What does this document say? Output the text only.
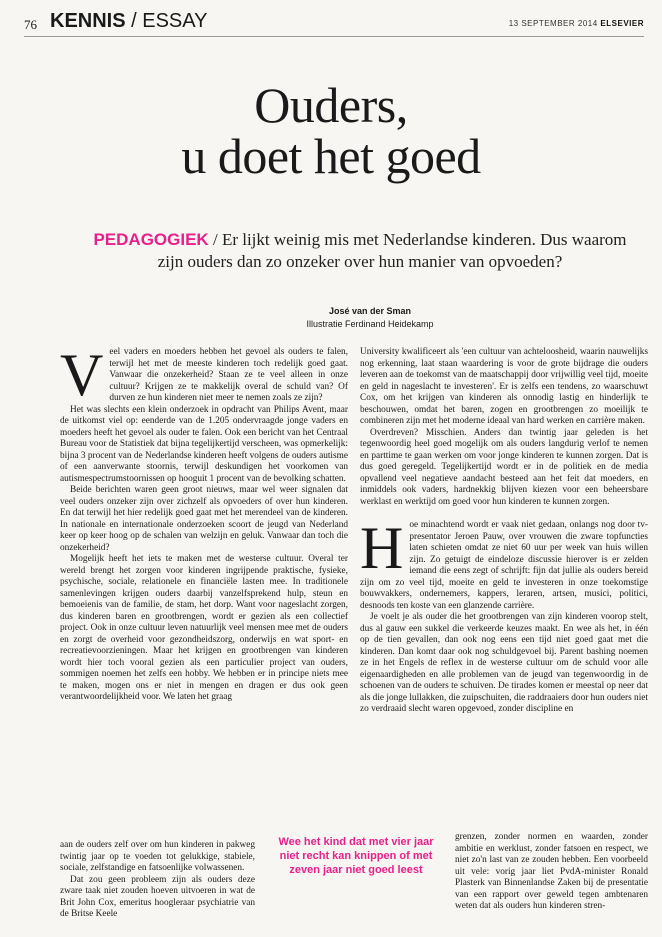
76 KENNIS / ESSAY	13 SEPTEMBER 2014 ELSEVIER
Ouders,
u doet het goed
PEDAGOGIEK / Er lijkt weinig mis met Nederlandse kinderen. Dus waarom zijn ouders dan zo onzeker over hun manier van opvoeden?
José van der Sman
Illustratie Ferdinand Heidekamp

Veel vaders en moeders hebben het gevoel als ouders te falen, terwijl het met de meeste kinderen toch redelijk goed gaat. Vanwaar die onzekerheid? Staan ze te veel alleen in onze cultuur? Krijgen ze te makkelijk overal de schuld van? Of durven ze hun kinderen niet meer te nemen zoals ze zijn?

Het was slechts een klein onderzoek in opdracht van Philips Avent, maar de uitkomst viel op: eenderde van de 1.205 ondervraagde jonge vaders en moeders heeft het gevoel als ouder te falen. Ook een bericht van het Centraal Bureau voor de Statistiek dat bijna tegelijkertijd verscheen, was opmerkelijk: bijna 3 procent van de Nederlandse kinderen heeft volgens de ouders autisme of een aanverwante stoornis, terwijl deskundigen het voorkomen van autismespectrumstoornissen op hooguit 1 procent van de bevolking schatten.

Beide berichten waren geen groot nieuws, maar wel weer signalen dat veel ouders onzeker zijn over zichzelf als opvoeders of over hun kinderen. En dat terwijl het hier redelijk goed gaat met het merendeel van de kinderen. In nationale en internationale onderzoeken scoort de jeugd van Nederland keer op keer hoog op de schalen van welzijn en geluk. Vanwaar dan toch die onzekerheid?

Mogelijk heeft het iets te maken met de westerse cultuur. Overal ter wereld brengt het zorgen voor kinderen ingrijpende praktische, fysieke, psychische, sociale, relationele en financiële lasten mee. In traditionele samenlevingen krijgen ouders daarbij vanzelfsprekend hulp, steun en bemoeienis van de familie, de stam, het dorp. Want voor nageslacht zorgen, dus kinderen baren en grootbrengen, wordt er gezien als een collectief project. Ook in onze cultuur leven natuurlijk veel mensen mee met de ouders en zorgt de overheid voor gezondheidszorg, onderwijs en wat sport- en recreatievoorzieningen. Maar het krijgen en grootbrengen van kinderen wordt hier toch vooral gezien als een particulier project van ouders, sommigen noemen het zelfs een hobby. We hebben er in principe niets mee te maken, mogen ons er niet in mengen en dragen er dus ook geen verantwoordelijkheid voor. We laten het graag

aan de ouders zelf over om hun kinderen in pakweg twintig jaar op te voeden tot gelukkige, stabiele, sociale, zelfstandige en fatsoenlijke volwassenen.
Dat zou geen probleem zijn als ouders deze zware taak niet zouden hoeven uitvoeren in wat de Brit John Cox, emeritus hoogleraar psychiatrie van de Britse Keele

University kwalificeert als 'een cultuur van achteloosheid, waarin nauwelijks nog erkenning, laat staan waardering is voor de grote bijdrage die ouders leveren aan de toekomst van de maatschappij door vrijwillig veel tijd, moeite en geld in nageslacht te investeren'. Er is zelfs een tendens, zo waarschuwt Cox, om het krijgen van kinderen als onnodig lastig en hinderlijk te beschouwen, omdat het baren, zogen en grootbrengen zo moeilijk te combineren zijn met het moderne ideaal van hard werken en carrière maken.

Overdreven? Misschien. Anders dan twintig jaar geleden is het tegenwoordig heel goed mogelijk om als ouders langdurig verlof te nemen en parttime te gaan werken om voor jonge kinderen te kunnen zorgen. Dat is dus goed geregeld. Tegelijkertijd wordt er in de politiek en de media opvallend veel negatieve aandacht besteed aan het feit dat moeders, en inmiddels ook vaders, hardnekkig blijven kiezen voor een beheersbare werklast en werktijd om goed voor hun kinderen te kunnen zorgen.

Hoe minachtend wordt er vaak niet gedaan, onlangs nog door tv-presentator Jeroen Pauw, over vrouwen die zware topfuncties laten schieten omdat ze niet 60 uur per week van huis willen zijn. Zo getuigt de eindeloze discussie hierover is er zelden iemand die eens zegt of schrijft: fijn dat jullie als ouders bereid zijn om zo veel tijd, moeite en geld te investeren in onze toekomstige bouwvakkers, ondernemers, kappers, leraren, artsen, musici, politici, desnoods ten koste van een glanzende carrière.

Je voelt je als ouder die het grootbrengen van zijn kinderen voorop stelt, dus al gauw een sukkel die verkeerde keuzes maakt. En wee als het, in één op de tien gevallen, dan ook nog eens een tijd niet goed gaat met die kinderen. Dan komt daar ook nog schuldgevoel bij. Parent bashing noemen ze in het Engels de reflex in de westerse cultuur om de schuld voor alle eigenaardigheden en alle problemen van de jeugd van tegenwoordig in de schoenen van de ouders te schuiven. De tirades komen er meestal op neer dat als die jonge lullakken, die zuipschuiten, die raddraaiers door hun ouders niet zo verdraaid slecht waren opgevoed, zonder discipline en

Wee het kind dat met vier jaar niet recht kan knippen of met zeven jaar niet goed leest
grenzen, zonder normen en waarden, zonder ambitie en werklust, zonder fatsoen en respect, we niet zo'n last van ze zouden hebben. Een voorbeeld uit vele: vorig jaar liet PvdA-minister Ronald Plasterk van Binnenlandse Zaken bij de presentatie van een rapport over geweld tegen ambtenaren weten dat als ouders hun kinderen stren-
